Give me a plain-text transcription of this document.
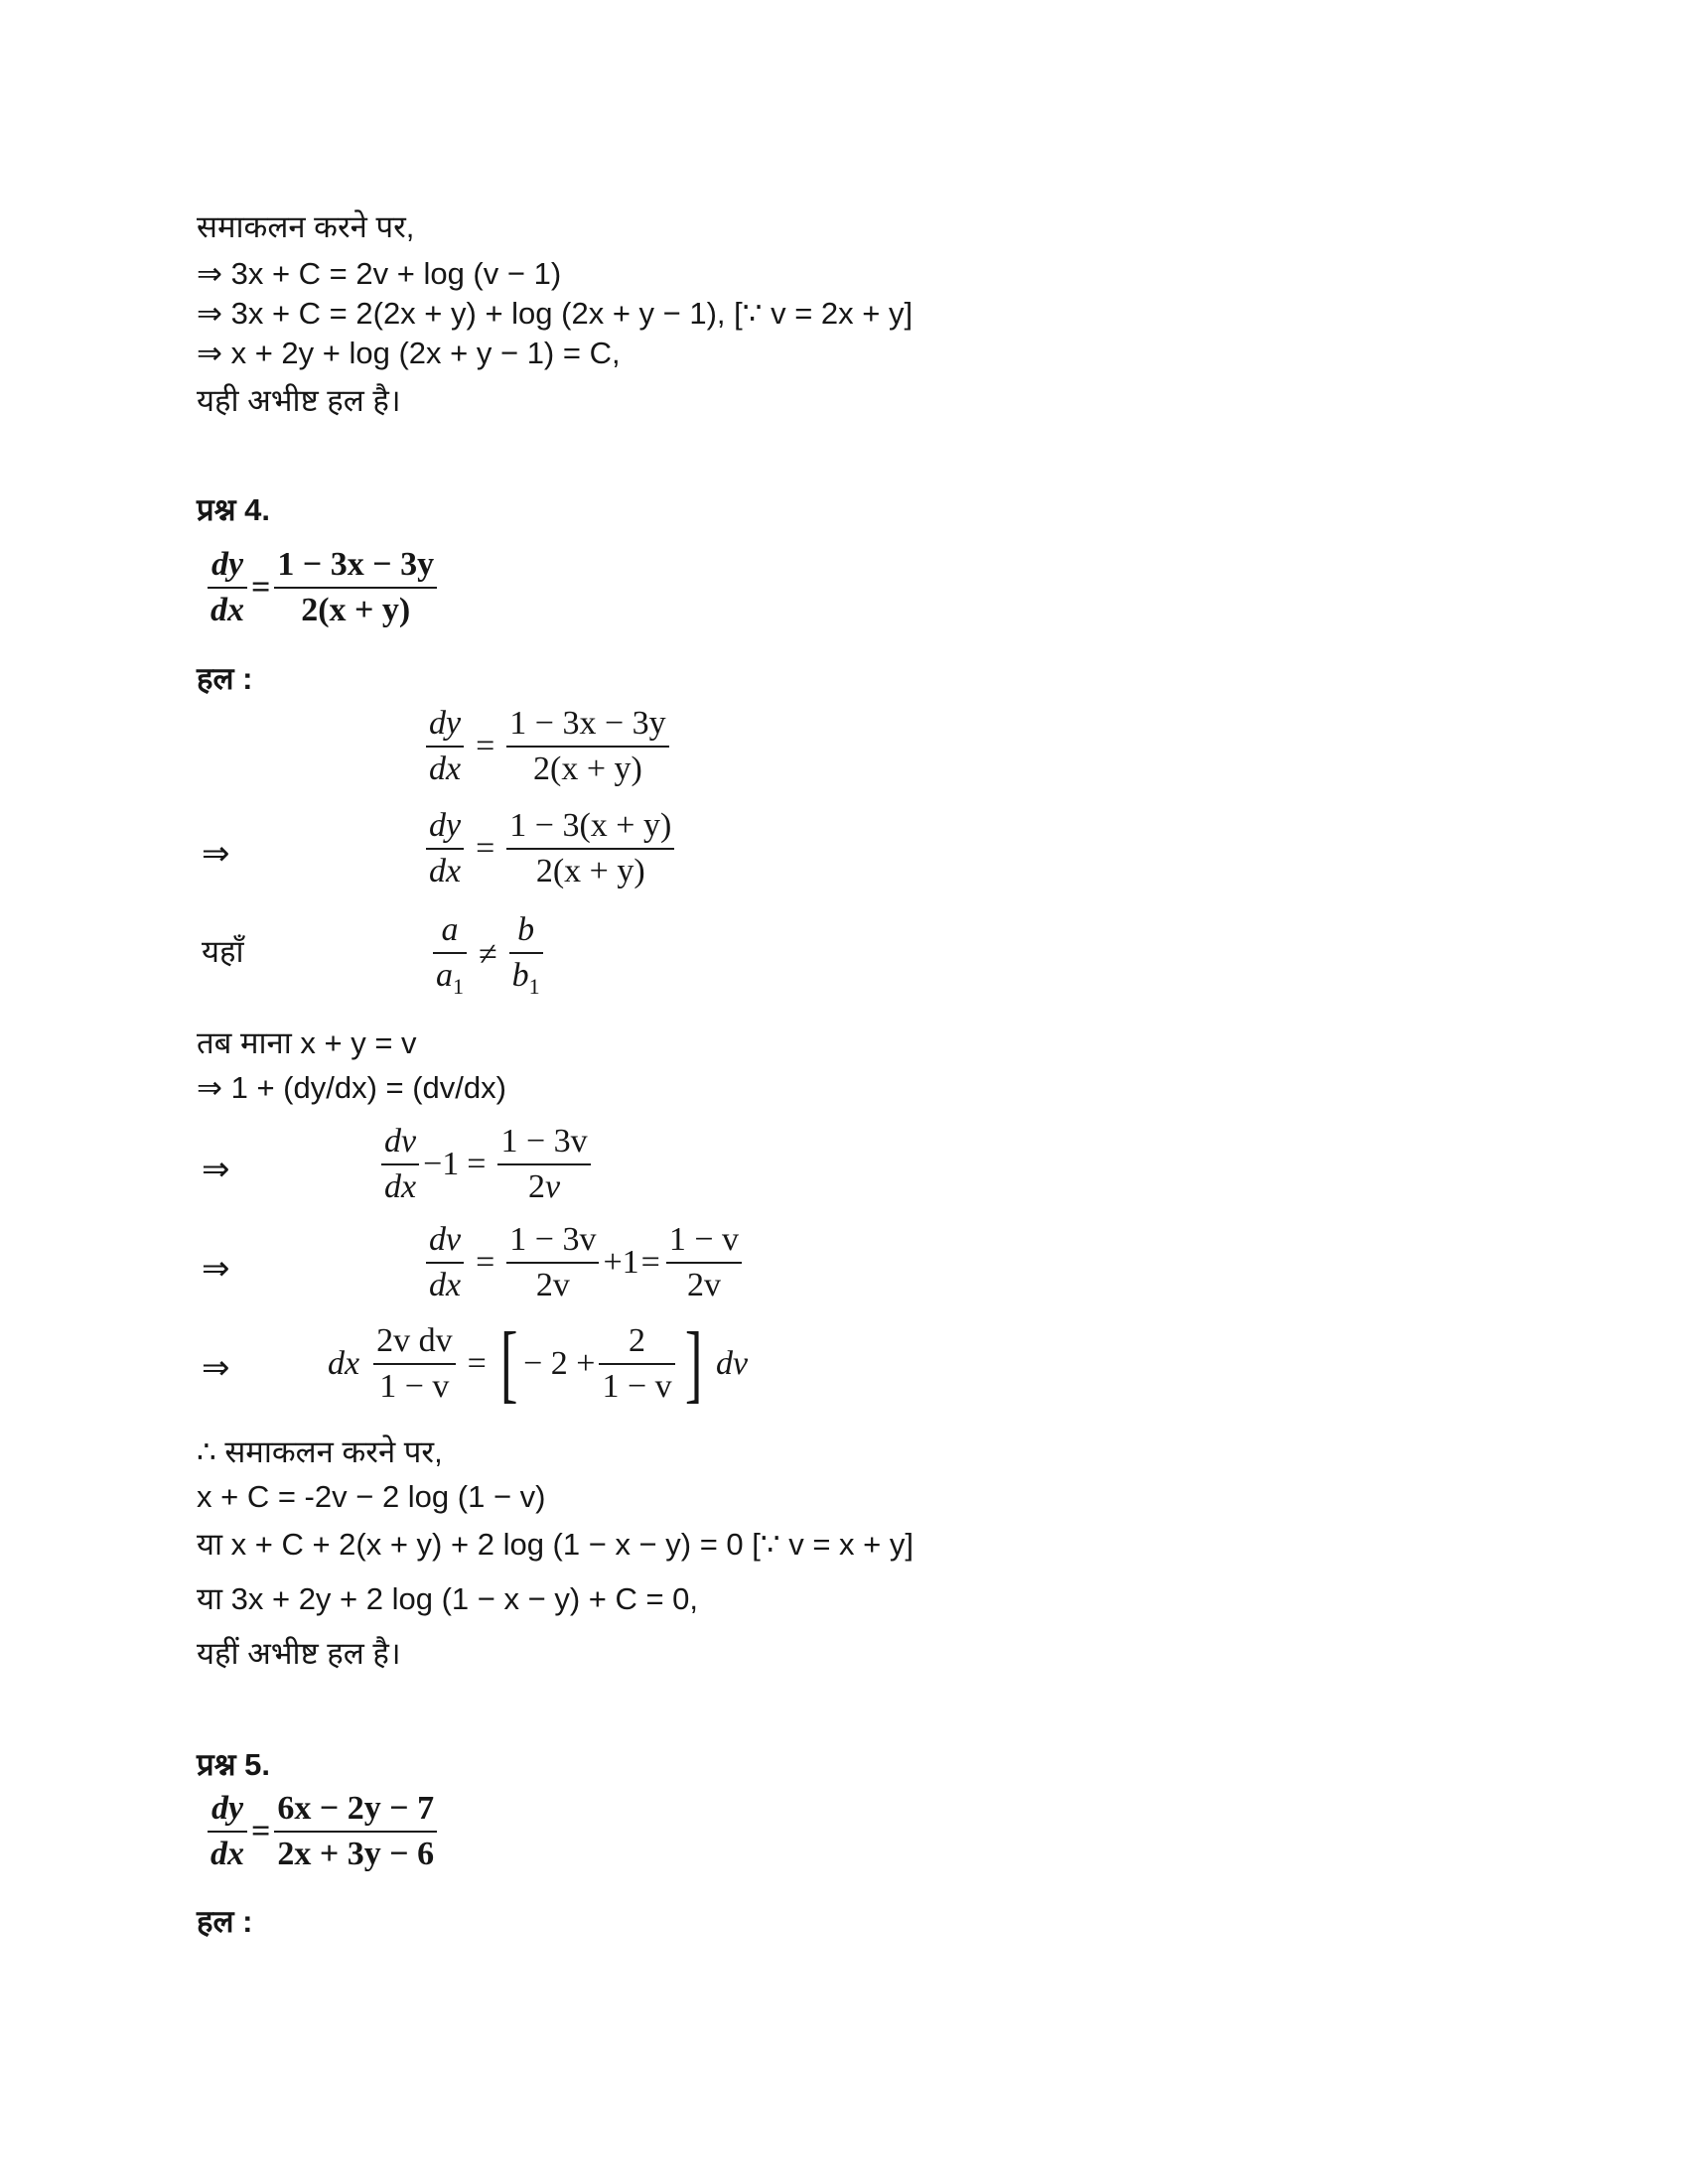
समाकलन करने पर,
⇒ 3x + C = 2v + log (v − 1)
⇒ 3x + C = 2(2x + y) + log (2x + y − 1), [∵ v = 2x + y]
⇒ x + 2y + log (2x + y − 1) = C,
यही अभीष्ट हल है।
प्रश्न 4.
$\frac{dy}{dx} = \frac{1 - 3x - 3y}{2(x + y)}$
हल :
$\frac{dy}{dx} = \frac{1 - 3x - 3y}{2(x + y)}$
⇒	$\frac{dy}{dx} = \frac{1 - 3(x + y)}{2(x + y)}$
यहाँ	$\frac{a}{a_1} \ne \frac{b}{b_1}$
तब माना x + y = v
⇒ 1 + (dy/dx) = (dv/dx)
⇒	$\frac{dv}{dx} -1 = \frac{1 - 3v}{2v}$
⇒	$\frac{dv}{dx} = \frac{1 - 3v}{2v} +1 = \frac{1 - v}{2v}$
⇒	dx $\frac{\text{2v dv}}{1 - v}$ = [ − $2 + \frac{2}{1 - v}$ ] dv
∴ समाकलन करने पर,
x + C = -2v − 2 log (1 − v)
या x + C + 2(x + y) + 2 log (1 − x − y) = 0 [∵ v = x + y]
या 3x + 2y + 2 log (1 − x − y) + C = 0,
यहीं अभीष्ट हल है।
प्रश्न 5.
$\frac{dy}{dx} = \frac{6x - 2y - 7}{2x + 3y - 6}$
हल :
